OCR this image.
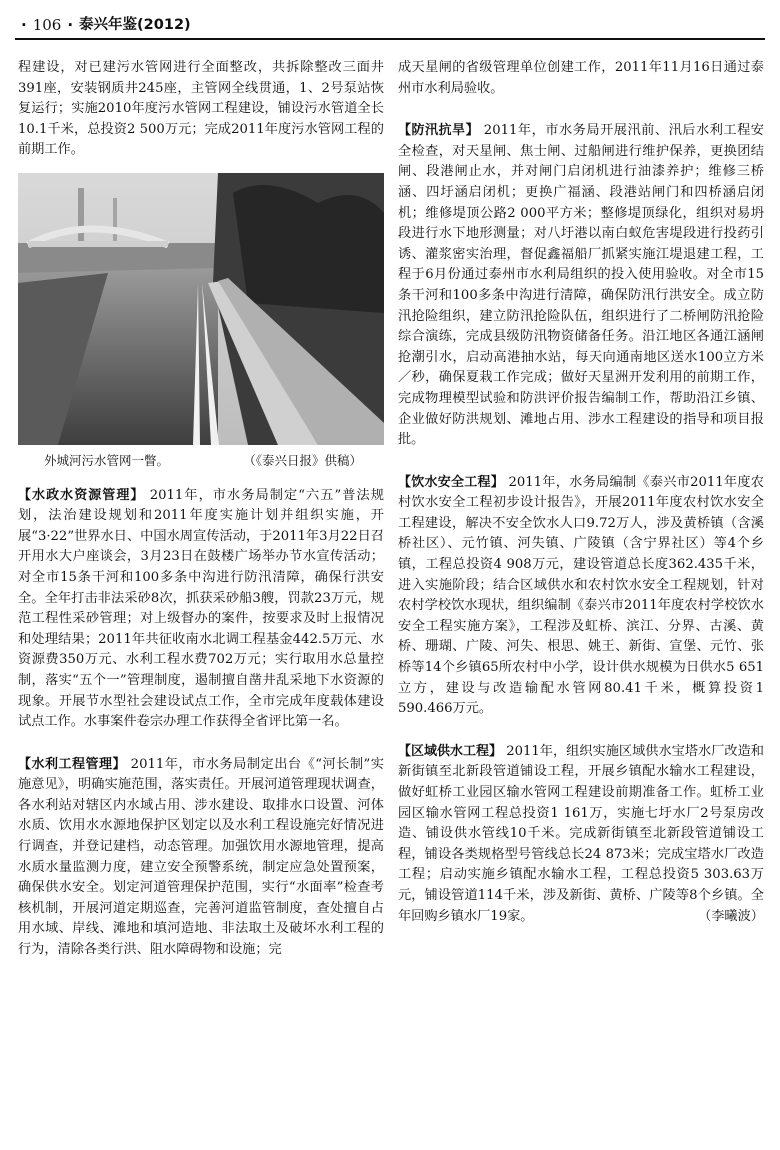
· 106 · 泰兴年鉴(2012)

程建设，对已建污水管网进行全面整改，共拆除整改三面井391座，安装钢质井245座，主管网全线贯通，1、2号泵站恢复运行；实施2010年度污水管网工程建设，铺设污水管道全长10.1千米，总投资2 500万元；完成2011年度污水管网工程的前期工作。

外城河污水管网一瞥。	（《泰兴日报》供稿）

【水政水资源管理】 2011年，市水务局制定“六五”普法规划，法治建设规划和2011年度实施计划并组织实施，开展“3·22”世界水日、中国水周宣传活动，于2011年3月22日召开用水大户座谈会，3月23日在鼓楼广场举办节水宣传活动；对全市15条干河和100多条中沟进行防汛清障，确保行洪安全。全年打击非法采砂8次，抓获采砂船3艘，罚款23万元，规范工程性采砂管理；对上级督办的案件，按要求及时上报情况和处理结果；2011年共征收南水北调工程基金442.5万元、水资源费350万元、水利工程水费702万元；实行取用水总量控制，落实“五个一”管理制度，遏制擅自凿井乱采地下水资源的现象。开展节水型社会建设试点工作，全市完成年度载体建设试点工作。水事案件卷宗办理工作获得全省评比第一名。

【水利工程管理】 2011年，市水务局制定出台《“河长制”实施意见》，明确实施范围，落实责任。开展河道管理现状调查，各水利站对辖区内水域占用、涉水建设、取排水口设置、河体水质、饮用水水源地保护区划定以及水利工程设施完好情况进行调查，并登记建档，动态管理。加强饮用水源地管理，提高水质水量监测力度，建立安全预警系统，制定应急处置预案，确保供水安全。划定河道管理保护范围，实行“水面率”检查考核机制，开展河道定期巡查，完善河道监管制度，查处擅自占用水域、岸线、滩地和填河造地、非法取土及破坏水利工程的行为，清除各类行洪、阻水障碍物和设施；完

成天星闸的省级管理单位创建工作，2011年11月16日通过泰州市水利局验收。

【防汛抗旱】 2011年，市水务局开展汛前、汛后水利工程安全检查，对天星闸、焦士闸、过船闸进行维护保养，更换团结闸、段港闸止水，并对闸门启闭机进行油漆养护；维修三桥涵、四圩涵启闭机；更换广福涵、段港站闸门和四桥涵启闭机；维修堤顶公路2 000平方米；整修堤顶绿化，组织对易坍段进行水下地形测量；对八圩港以南白蚁危害堤段进行投药引诱、灌浆密实治理，督促鑫福船厂抓紧实施江堤退建工程，工程于6月份通过泰州市水利局组织的投入使用验收。对全市15条干河和100多条中沟进行清障，确保防汛行洪安全。成立防汛抢险组织，建立防汛抢险队伍，组织进行了二桥闸防汛抢险综合演练，完成县级防汛物资储备任务。沿江地区各通江涵闸抢潮引水，启动高港抽水站，每天向通南地区送水100立方米／秒，确保夏栽工作完成；做好天星洲开发利用的前期工作，完成物理模型试验和防洪评价报告编制工作，帮助沿江乡镇、企业做好防洪规划、滩地占用、涉水工程建设的指导和项目报批。

【饮水安全工程】 2011年，水务局编制《泰兴市2011年度农村饮水安全工程初步设计报告》，开展2011年度农村饮水安全工程建设，解决不安全饮水人口9.72万人，涉及黄桥镇（含溪桥社区）、元竹镇、河失镇、广陵镇（含宁界社区）等4个乡镇，工程总投资4 908万元，建设管道总长度362.435千米，进入实施阶段；结合区域供水和农村饮水安全工程规划，针对农村学校饮水现状，组织编制《泰兴市2011年度农村学校饮水安全工程实施方案》，工程涉及虹桥、滨江、分界、古溪、黄桥、珊瑚、广陵、河失、根思、姚王、新街、宣堡、元竹、张桥等14个乡镇65所农村中小学，设计供水规模为日供水5 651立方，建设与改造输配水管网80.41千米，概算投资1 590.466万元。

【区域供水工程】 2011年，组织实施区域供水宝塔水厂改造和新街镇至北新段管道铺设工程，开展乡镇配水输水工程建设，做好虹桥工业园区输水管网工程建设前期准备工作。虹桥工业园区输水管网工程总投资1 161万，实施七圩水厂2号泵房改造、铺设供水管线10千米。完成新街镇至北新段管道铺设工程，铺设各类规格型号管线总长24 873米；完成宝塔水厂改造工程；启动实施乡镇配水输水工程，工程总投资5 303.63万元，铺设管道114千米，涉及新街、黄桥、广陵等8个乡镇。全年回购乡镇水厂19家。	（李曦波）
